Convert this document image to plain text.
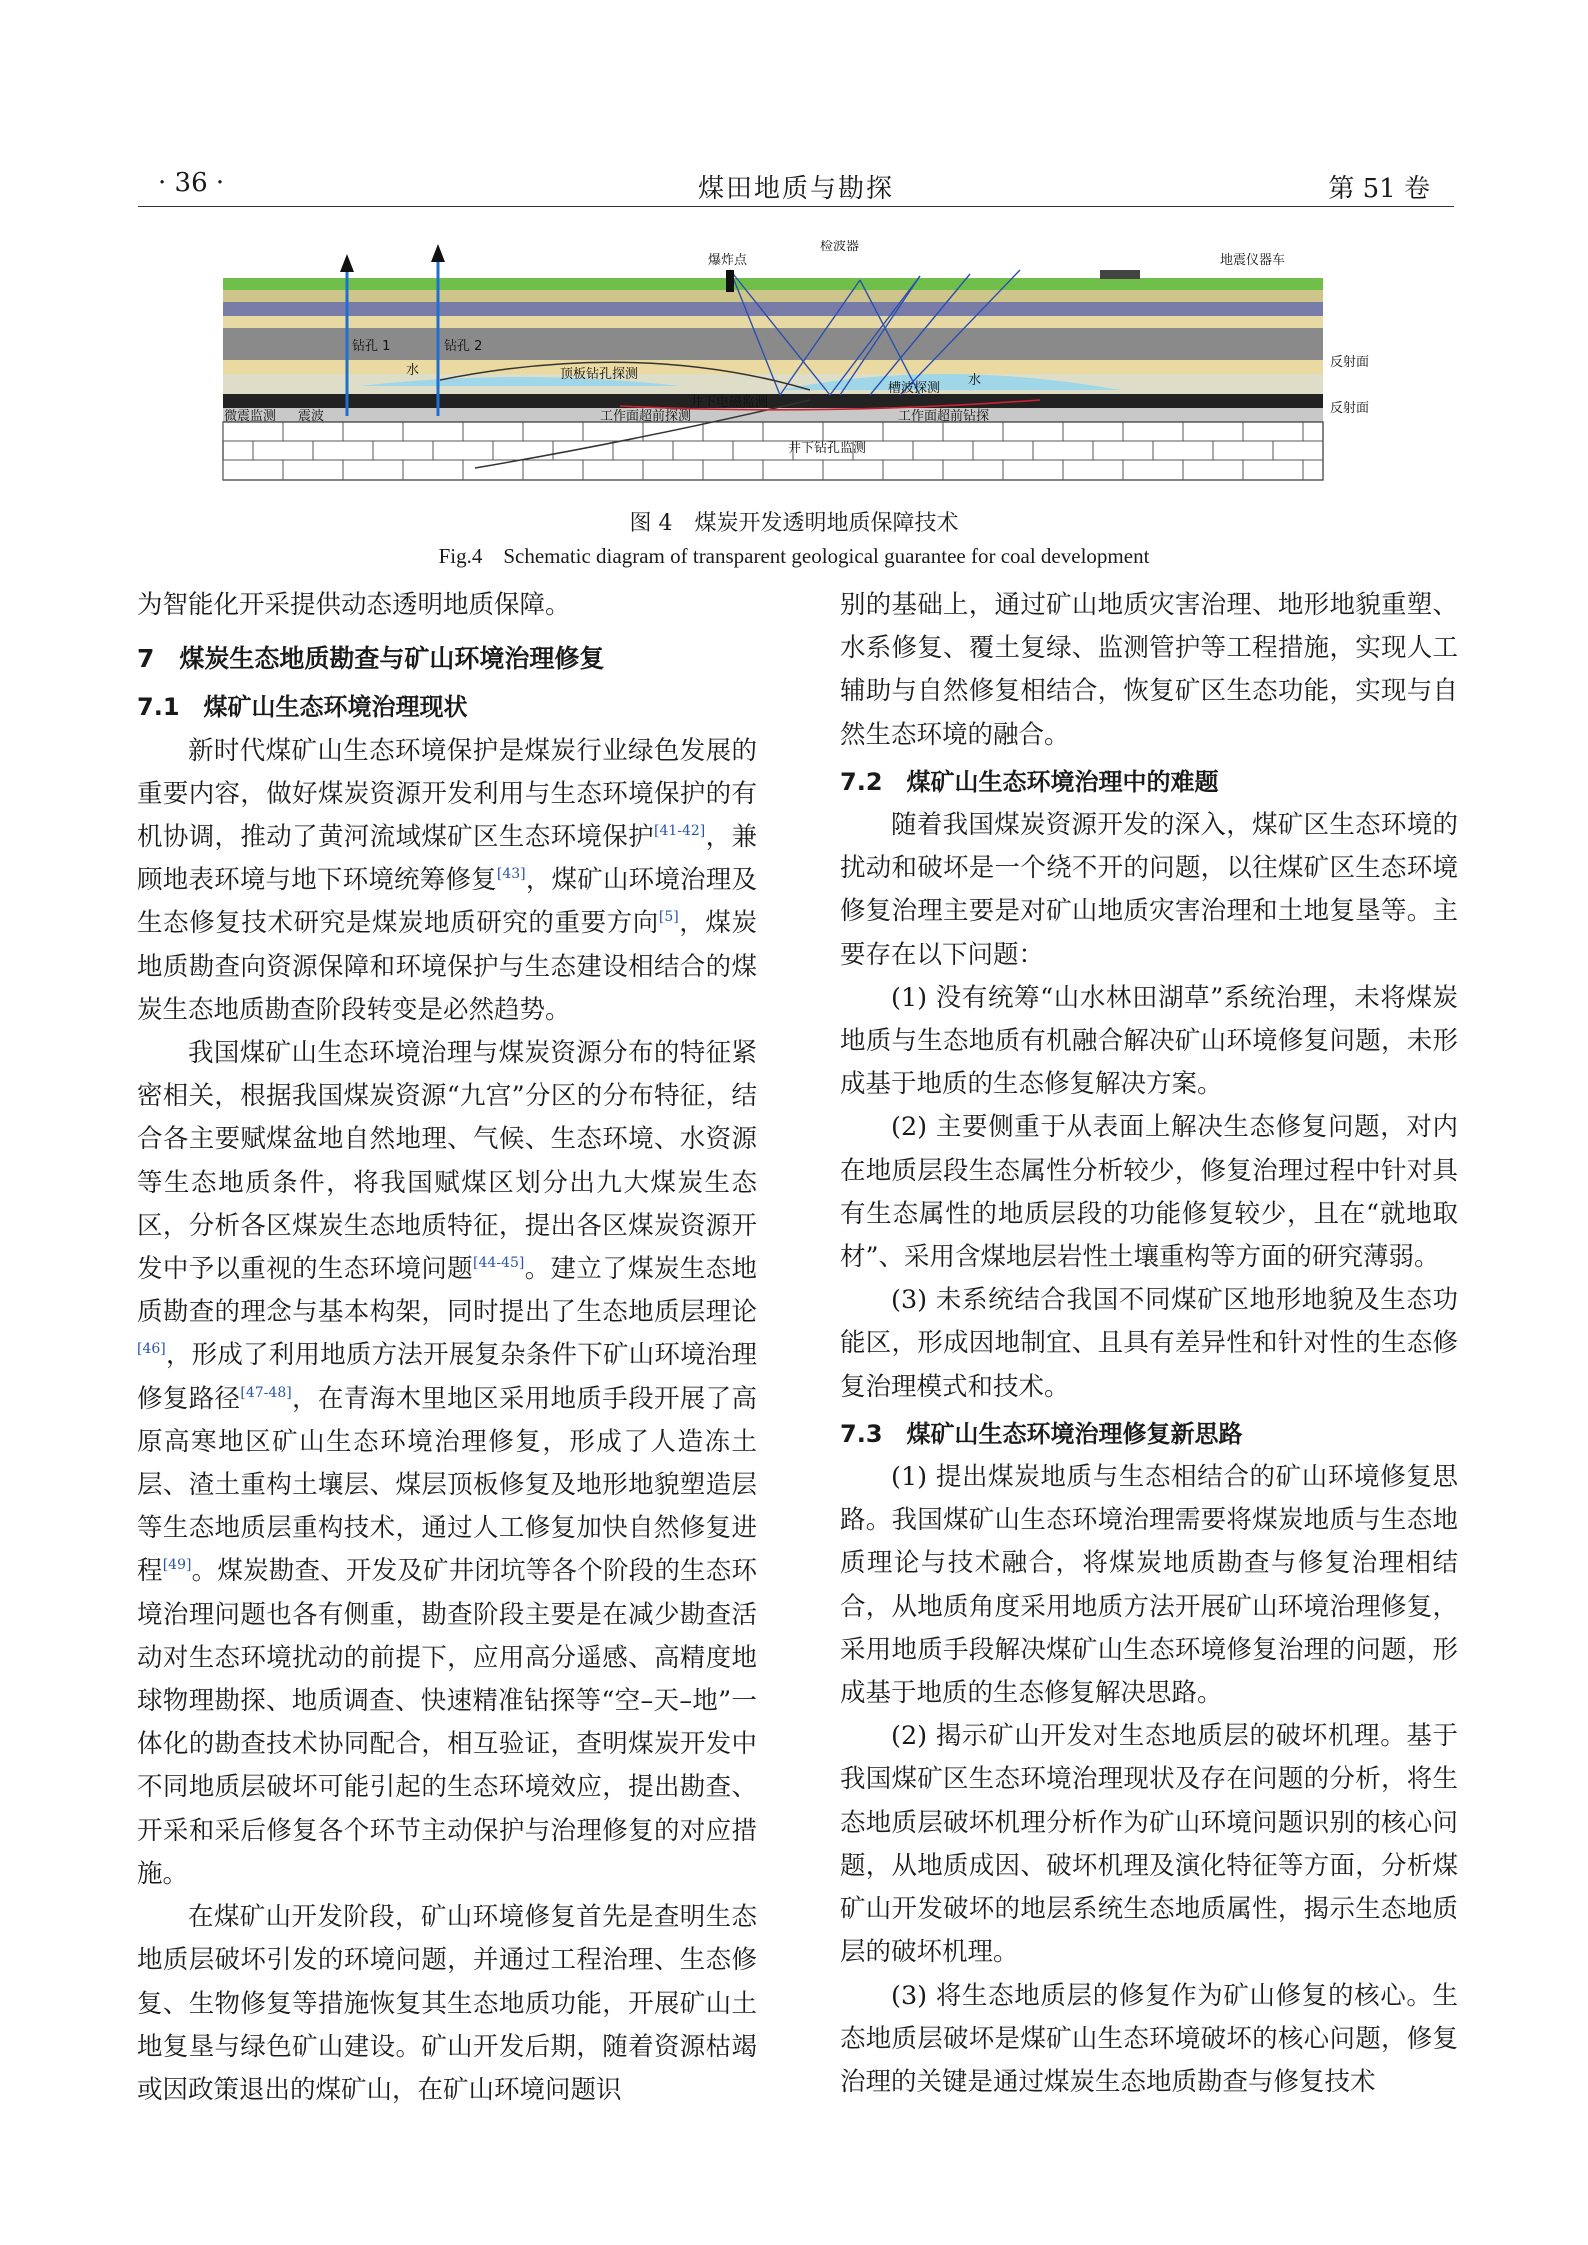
· 36 ·	煤田地质与勘探	第 51 卷
爆炸点
检波器
地震仪器车
钻孔 1	钻孔 2
水
水
顶板钻孔探测
反射面
反射面
井下电磁监测
槽波探测
微震监测 震波	工作面超前探测	工作面超前钻探
井下钻孔监测
图 4　煤炭开发透明地质保障技术
Fig.4　Schematic diagram of transparent geological guarantee for coal development

为智能化开采提供动态透明地质保障。

7　煤炭生态地质勘查与矿山环境治理修复

7.1　煤矿山生态环境治理现状

新时代煤矿山生态环境保护是煤炭行业绿色发展的重要内容，做好煤炭资源开发利用与生态环境保护的有机协调，推动了黄河流域煤矿区生态环境保护[41-42]，兼顾地表环境与地下环境统筹修复[43]，煤矿山环境治理及生态修复技术研究是煤炭地质研究的重要方向[5]，煤炭地质勘查向资源保障和环境保护与生态建设相结合的煤炭生态地质勘查阶段转变是必然趋势。

我国煤矿山生态环境治理与煤炭资源分布的特征紧密相关，根据我国煤炭资源“九宫”分区的分布特征，结合各主要赋煤盆地自然地理、气候、生态环境、水资源等生态地质条件，将我国赋煤区划分出九大煤炭生态区，分析各区煤炭生态地质特征，提出各区煤炭资源开发中予以重视的生态环境问题[44-45]。建立了煤炭生态地质勘查的理念与基本构架，同时提出了生态地质层理论[46]，形成了利用地质方法开展复杂条件下矿山环境治理修复路径[47-48]，在青海木里地区采用地质手段开展了高原高寒地区矿山生态环境治理修复，形成了人造冻土层、渣土重构土壤层、煤层顶板修复及地形地貌塑造层等生态地质层重构技术，通过人工修复加快自然修复进程[49]。煤炭勘查、开发及矿井闭坑等各个阶段的生态环境治理问题也各有侧重，勘查阶段主要是在减少勘查活动对生态环境扰动的前提下，应用高分遥感、高精度地球物理勘探、地质调查、快速精准钻探等“空–天–地”一体化的勘查技术协同配合，相互验证，查明煤炭开发中不同地质层破坏可能引起的生态环境效应，提出勘查、开采和采后修复各个环节主动保护与治理修复的对应措施。

在煤矿山开发阶段，矿山环境修复首先是查明生态地质层破坏引发的环境问题，并通过工程治理、生态修复、生物修复等措施恢复其生态地质功能，开展矿山土地复垦与绿色矿山建设。矿山开发后期，随着资源枯竭或因政策退出的煤矿山，在矿山环境问题识

别的基础上，通过矿山地质灾害治理、地形地貌重塑、水系修复、覆土复绿、监测管护等工程措施，实现人工辅助与自然修复相结合，恢复矿区生态功能，实现与自然生态环境的融合。

7.2　煤矿山生态环境治理中的难题

随着我国煤炭资源开发的深入，煤矿区生态环境的扰动和破坏是一个绕不开的问题，以往煤矿区生态环境修复治理主要是对矿山地质灾害治理和土地复垦等。主要存在以下问题：

(1) 没有统筹“山水林田湖草”系统治理，未将煤炭地质与生态地质有机融合解决矿山环境修复问题，未形成基于地质的生态修复解决方案。

(2) 主要侧重于从表面上解决生态修复问题，对内在地质层段生态属性分析较少，修复治理过程中针对具有生态属性的地质层段的功能修复较少，且在“就地取材”、采用含煤地层岩性土壤重构等方面的研究薄弱。

(3) 未系统结合我国不同煤矿区地形地貌及生态功能区，形成因地制宜、且具有差异性和针对性的生态修复治理模式和技术。

7.3　煤矿山生态环境治理修复新思路

(1) 提出煤炭地质与生态相结合的矿山环境修复思路。我国煤矿山生态环境治理需要将煤炭地质与生态地质理论与技术融合，将煤炭地质勘查与修复治理相结合，从地质角度采用地质方法开展矿山环境治理修复，采用地质手段解决煤矿山生态环境修复治理的问题，形成基于地质的生态修复解决思路。

(2) 揭示矿山开发对生态地质层的破坏机理。基于我国煤矿区生态环境治理现状及存在问题的分析，将生态地质层破坏机理分析作为矿山环境问题识别的核心问题，从地质成因、破坏机理及演化特征等方面，分析煤矿山开发破坏的地层系统生态地质属性，揭示生态地质层的破坏机理。

(3) 将生态地质层的修复作为矿山修复的核心。生态地质层破坏是煤矿山生态环境破坏的核心问题，修复治理的关键是通过煤炭生态地质勘查与修复技术
